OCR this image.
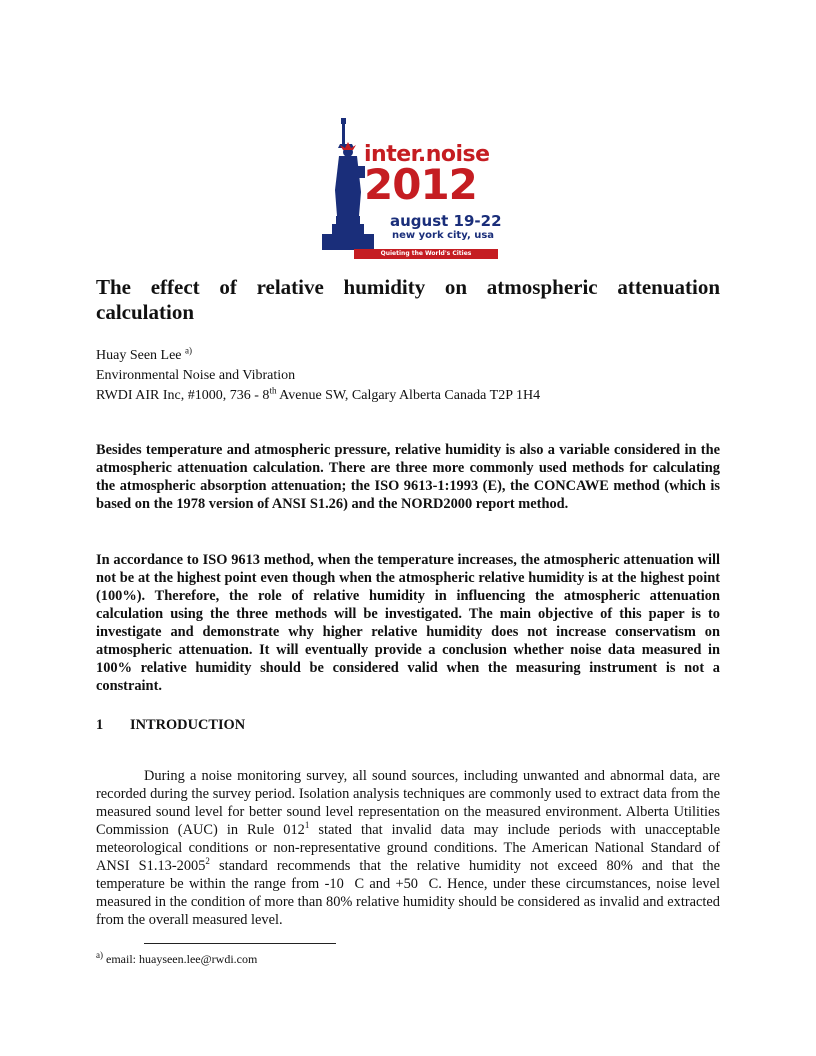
inter.noise
2012
august 19-22
new york city, usa
Quieting the World's Cities
The effect of relative humidity on atmospheric attenuation calculation
Huay Seen Lee $^{a)}$
Environmental Noise and Vibration
RWDI AIR Inc, #1000, 736 - 8th Avenue SW, Calgary Alberta Canada T2P 1H4

Besides temperature and atmospheric pressure, relative humidity is also a variable considered in the atmospheric attenuation calculation. There are three more commonly used methods for calculating the atmospheric absorption attenuation; the ISO 9613-1:1993 (E), the CONCAWE method (which is based on the 1978 version of ANSI S1.26) and the NORD2000 report method.

In accordance to ISO 9613 method, when the temperature increases, the atmospheric attenuation will not be at the highest point even though when the atmospheric relative humidity is at the highest point (100%). Therefore, the role of relative humidity in influencing the atmospheric attenuation calculation using the three methods will be investigated. The main objective of this paper is to investigate and demonstrate why higher relative humidity does not increase conservatism on atmospheric attenuation. It will eventually provide a conclusion whether noise data measured in 100% relative humidity should be considered valid when the measuring instrument is not a constraint.

1 INTRODUCTION

During a noise monitoring survey, all sound sources, including unwanted and abnormal data, are recorded during the survey period. Isolation analysis techniques are commonly used to extract data from the measured sound level for better sound level representation on the measured environment. Alberta Utilities Commission (AUC) in Rule $012^1$ stated that invalid data may include periods with unacceptable meteorological conditions or non-representative ground conditions. The American National Standard of ANSI S1.13-2005$^2$ standard recommends that the relative humidity not exceed 80% and that the temperature be within the range from -10  C and +50  C. Hence, under these circumstances, noise level measured in the condition of more than 80% relative humidity should be considered as invalid and extracted from the overall measured level.

$^{a)}$ email: huayseen.lee@rwdi.com
